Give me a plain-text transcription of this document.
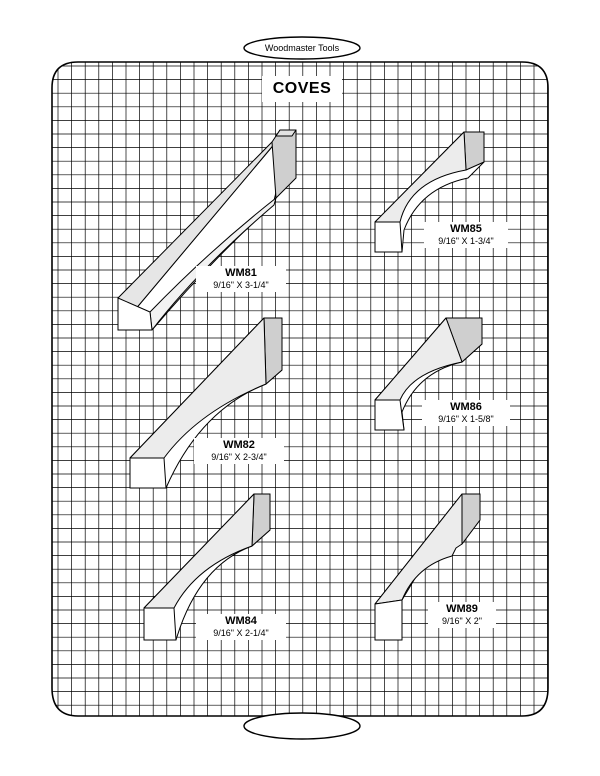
Woodmaster Tools
COVES
WM81
9/16" X 3-1/4"
WM85
9/16" X 1-3/4"
WM82
9/16" X 2-3/4"
WM86
9/16" X 1-5/8"
WM84
9/16" X 2-1/4"
WM89
9/16" X 2"
